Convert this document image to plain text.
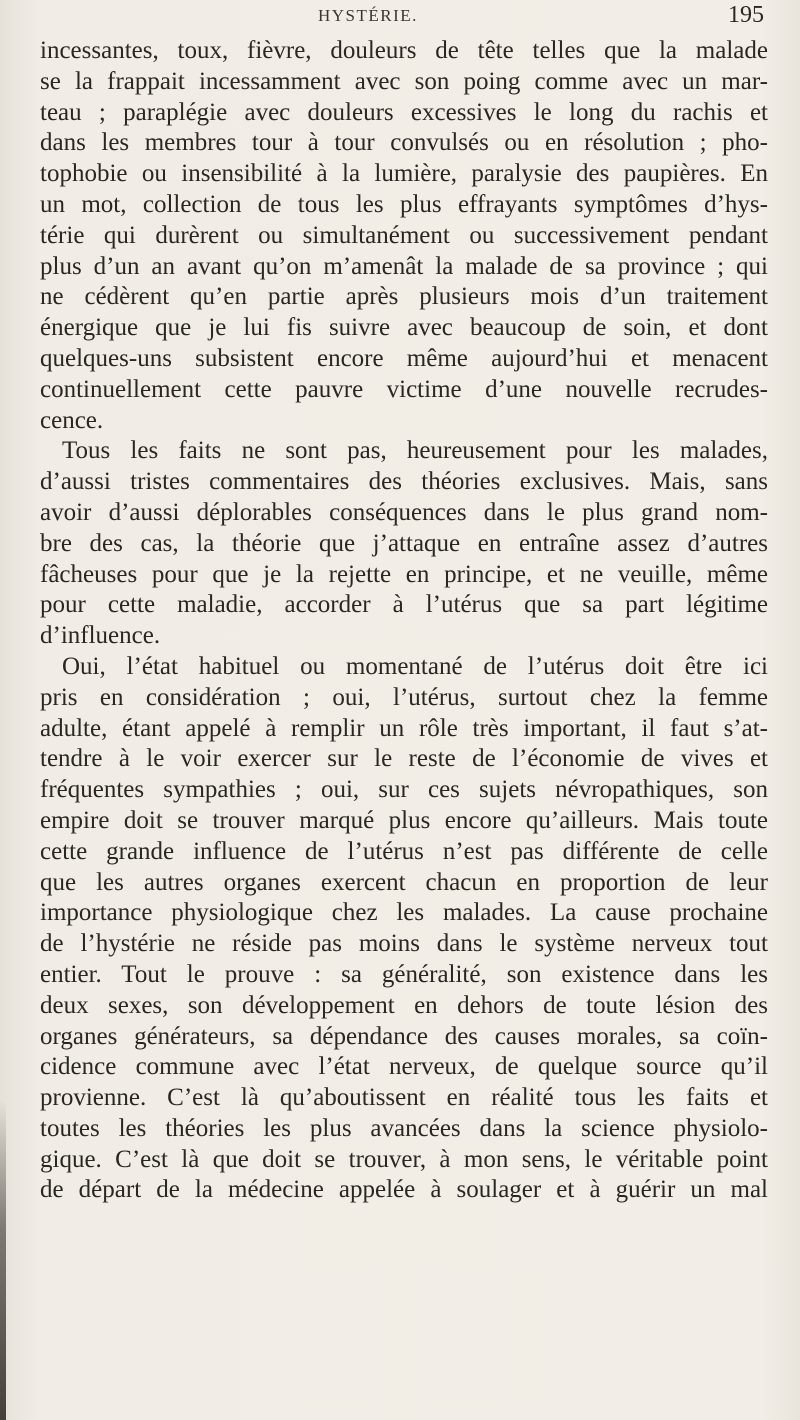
HYSTÉRIE.	195
incessantes, toux, fièvre, douleurs de tête telles que la malade
se la frappait incessamment avec son poing comme avec un mar-
teau ; paraplégie avec douleurs excessives le long du rachis et
dans les membres tour à tour convulsés ou en résolution ; pho-
tophobie ou insensibilité à la lumière, paralysie des paupières. En
un mot, collection de tous les plus effrayants symptômes d’hys-
térie qui durèrent ou simultanément ou successivement pendant
plus d’un an avant qu’on m’amenât la malade de sa province ; qui
ne cédèrent qu’en partie après plusieurs mois d’un traitement
énergique que je lui fis suivre avec beaucoup de soin, et dont
quelques-uns subsistent encore même aujourd’hui et menacent
continuellement cette pauvre victime d’une nouvelle recrudes-
cence.
Tous les faits ne sont pas, heureusement pour les malades,
d’aussi tristes commentaires des théories exclusives. Mais, sans
avoir d’aussi déplorables conséquences dans le plus grand nom-
bre des cas, la théorie que j’attaque en entraîne assez d’autres
fâcheuses pour que je la rejette en principe, et ne veuille, même
pour cette maladie, accorder à l’utérus que sa part légitime
d’influence.
Oui, l’état habituel ou momentané de l’utérus doit être ici
pris en considération ; oui, l’utérus, surtout chez la femme
adulte, étant appelé à remplir un rôle très important, il faut s’at-
tendre à le voir exercer sur le reste de l’économie de vives et
fréquentes sympathies ; oui, sur ces sujets névropathiques, son
empire doit se trouver marqué plus encore qu’ailleurs. Mais toute
cette grande influence de l’utérus n’est pas différente de celle
que les autres organes exercent chacun en proportion de leur
importance physiologique chez les malades. La cause prochaine
de l’hystérie ne réside pas moins dans le système nerveux tout
entier. Tout le prouve : sa généralité, son existence dans les
deux sexes, son développement en dehors de toute lésion des
organes générateurs, sa dépendance des causes morales, sa coïn-
cidence commune avec l’état nerveux, de quelque source qu’il
provienne. C’est là qu’aboutissent en réalité tous les faits et
toutes les théories les plus avancées dans la science physiolo-
gique. C’est là que doit se trouver, à mon sens, le véritable point
de départ de la médecine appelée à soulager et à guérir un mal
